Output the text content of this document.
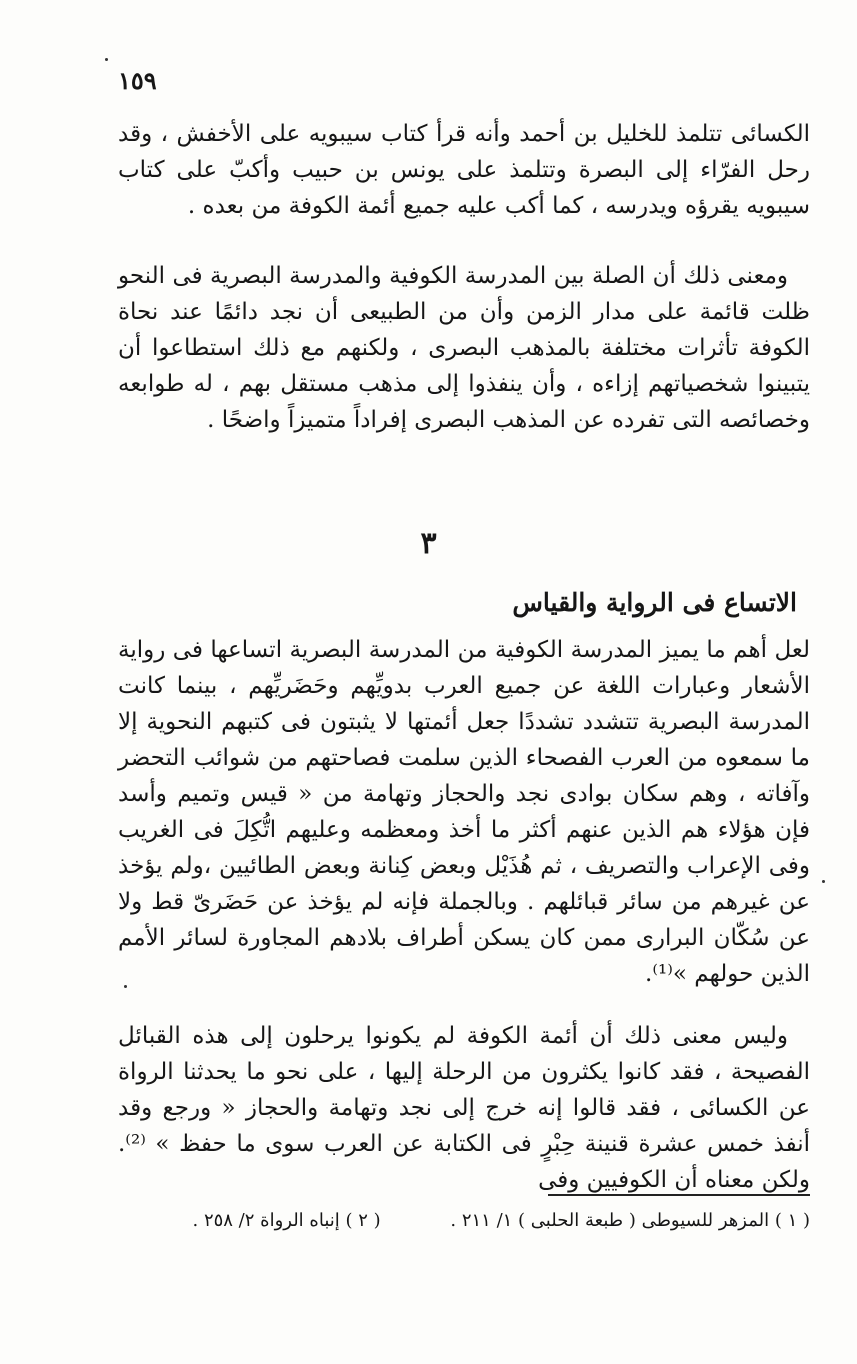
١٥٩

الكسائى تتلمذ للخليل بن أحمد وأنه قرأ كتاب سيبويه على الأخفش ، وقد رحل الفرّاء إلى البصرة وتتلمذ على يونس بن حبيب وأكبّ على كتاب سيبويه يقرؤه ويدرسه ، كما أكب عليه جميع أئمة الكوفة من بعده .

ومعنى ذلك أن الصلة بين المدرسة الكوفية والمدرسة البصرية فى النحو ظلت قائمة على مدار الزمن وأن من الطبيعى أن نجد دائمًا عند نحاة الكوفة تأثرات مختلفة بالمذهب البصرى ، ولكنهم مع ذلك استطاعوا أن يتبينوا شخصياتهم إزاءه ، وأن ينفذوا إلى مذهب مستقل بهم ، له طوابعه وخصائصه التى تفرده عن المذهب البصرى إفراداً متميزاً واضحًا .

٣
الاتساع فى الرواية والقياس

لعل أهم ما يميز المدرسة الكوفية من المدرسة البصرية اتساعها فى رواية الأشعار وعبارات اللغة عن جميع العرب بدويِّهم وحَضَريِّهم ، بينما كانت المدرسة البصرية تتشدد تشددًا جعل أئمتها لا يثبتون فى كتبهم النحوية إلا ما سمعوه من العرب الفصحاء الذين سلمت فصاحتهم من شوائب التحضر وآفاته ، وهم سكان بوادى نجد والحجاز وتهامة من « قيس وتميم وأسد فإن هؤلاء هم الذين عنهم أكثر ما أخذ ومعظمه وعليهم اتُّكِلَ فى الغريب وفى الإعراب والتصريف ، ثم هُذَيْل وبعض كِنانة وبعض الطائيين ،ولم يؤخذ عن غيرهم من سائر قبائلهم . وبالجملة فإنه لم يؤخذ عن حَضَرىّ قط ولا عن سُكّان البرارى ممن كان يسكن أطراف بلادهم المجاورة لسائر الأمم الذين حولهم »⁽¹⁾.

وليس معنى ذلك أن أئمة الكوفة لم يكونوا يرحلون إلى هذه القبائل الفصيحة ، فقد كانوا يكثرون من الرحلة إليها ، على نحو ما يحدثنا الرواة عن الكسائى ، فقد قالوا إنه خرج إلى نجد وتهامة والحجاز « ورجع وقد أنفذ خمس عشرة قنينة حِبْرٍ فى الكتابة عن العرب سوى ما حفظ » ⁽²⁾. ولكن معناه أن الكوفيين وفى

( ١ ) المزهر للسيوطى ( طبعة الحلبى ) ١/ ٢١١ . ( ٢ ) إنباه الرواة ٢/ ٢٥٨ .
